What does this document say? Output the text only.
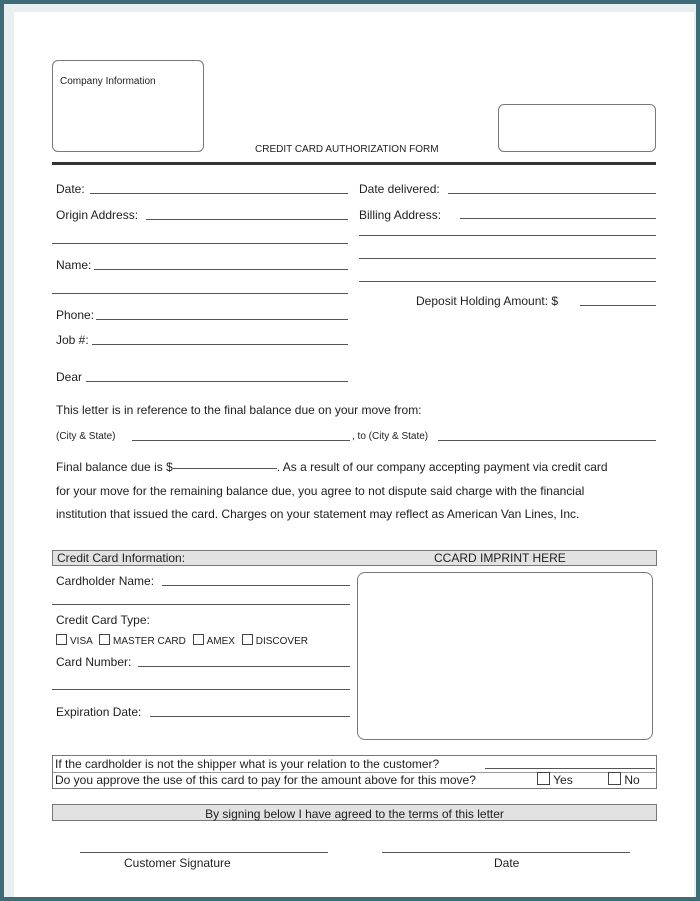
Company Information
CREDIT CARD AUTHORIZATION FORM
Date:
Origin Address:
Name:
Phone:
Job #:
Dear
Date delivered:
Billing Address:
Deposit Holding Amount: $
This letter is in reference to the final balance due on your move from:
(City & State)	, to (City & State)
Final balance due is $	. As a result of our company accepting payment via credit card
for your move for the remaining balance due, you agree to not dispute said charge with the financial
institution that issued the card. Charges on your statement may reflect as American Van Lines, Inc.
Credit Card Information:	CCARD IMPRINT HERE
Cardholder Name:
Credit Card Type:
VISA MASTER CARD AMEX DISCOVER
Card Number:
Expiration Date:
If the cardholder is not the shipper what is your relation to the customer?
Do you approve the use of this card to pay for the amount above for this move?	Yes	No
By signing below I have agreed to the terms of this letter
Customer Signature	Date
